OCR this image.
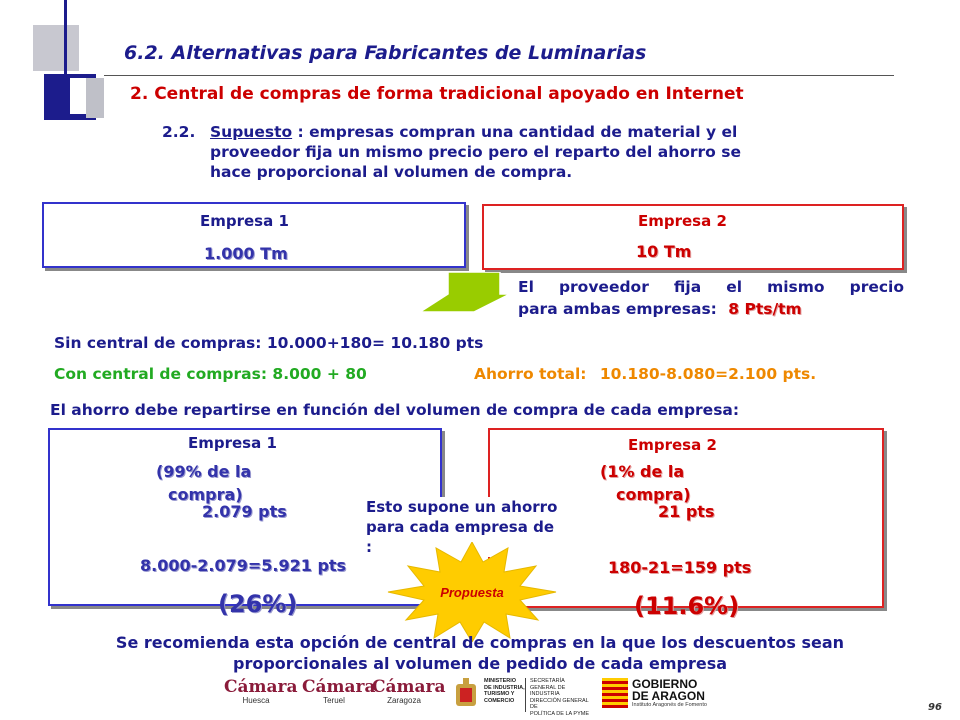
6.2. Alternativas para Fabricantes de Luminarias
2. Central de compras de forma tradicional apoyado en Internet
2.2. Supuesto : empresas compran una cantidad de material y el
proveedor fija un mismo precio pero el reparto del ahorro se
hace proporcional al volumen de compra.
Empresa 1
1.000 Tm
Empresa 2
10 Tm
El proveedor fija el mismo precio
para ambas empresas: 8 Pts/tm
Sin central de compras: 10.000+180= 10.180 pts
Con central de compras: 8.000 + 80	Ahorro total: 10.180-8.080=2.100 pts.
El ahorro debe repartirse en función del volumen de compra de cada empresa:
Empresa 1
(99% de la
compra)
2.079 pts
8.000-2.079=5.921 pts
(26%)
Empresa 2
(1% de la
compra)
21 pts
180-21=159 pts
(11.6%)
Esto supone un ahorro
para cada empresa de
:
Propuesta
Se recomienda esta opción de central de compras en la que los descuentos sean
proporcionales al volumen de pedido de cada empresa
Cámara
Huesca
Cámara
Teruel
Cámara
Zaragoza
MINISTERIO
DE INDUSTRIA,
TURISMO Y
COMERCIO
SECRETARÍA GENERAL DE
INDUSTRIA
DIRECCIÓN GENERAL DE
POLÍTICA DE LA PYME
GOBIERNO
DE ARAGON
Instituto Aragonés de Fomento	96
